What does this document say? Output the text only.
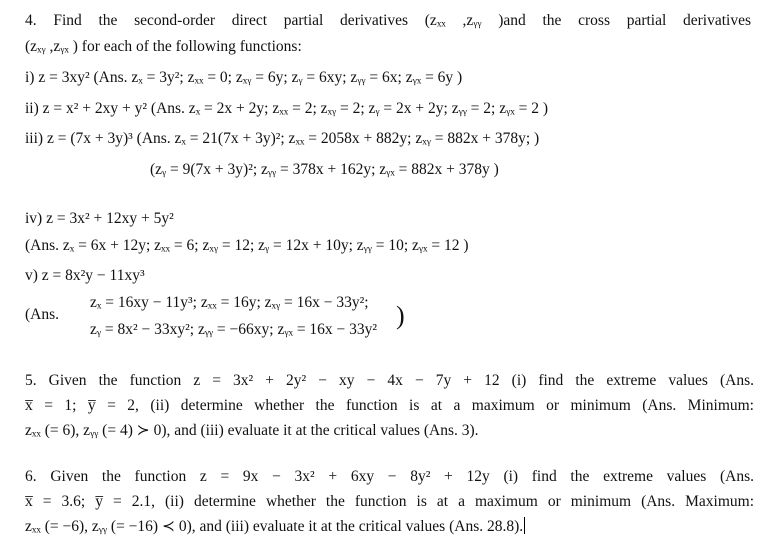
4. Find the second-order direct partial derivatives (zₓₓ ,zᵧᵧ )and the cross partial derivatives
(zₓᵧ ,zᵧₓ ) for each of the following functions:
i) z = 3xy² (Ans. zₓ = 3y²; zₓₓ = 0; zₓᵧ = 6y; zᵧ = 6xy; zᵧᵧ = 6x; zᵧₓ = 6y )
ii) z = x² + 2xy + y² (Ans. zₓ = 2x + 2y; zₓₓ = 2; zₓᵧ = 2; zᵧ = 2x + 2y; zᵧᵧ = 2; zᵧₓ = 2 )
iii) z = (7x + 3y)³ (Ans. zₓ = 21(7x + 3y)²; zₓₓ = 2058x + 882y; zₓᵧ = 882x + 378y; )
(zᵧ = 9(7x + 3y)²; zᵧᵧ = 378x + 162y; zᵧₓ = 882x + 378y )
iv) z = 3x² + 12xy + 5y²
(Ans. zₓ = 6x + 12y; zₓₓ = 6; zₓᵧ = 12; zᵧ = 12x + 10y; zᵧᵧ = 10; zᵧₓ = 12 )
v) z = 8x²y − 11xy³
(Ans.
zₓ = 16xy − 11y³; zₓₓ = 16y; zₓᵧ = 16x − 33y²;
zᵧ = 8x² − 33xy²; zᵧᵧ = −66xy; zᵧₓ = 16x − 33y² )
5. Given the function z = 3x² + 2y² − xy − 4x − 7y + 12 (i) find the extreme values (Ans.
x̅ = 1; y̅ = 2, (ii) determine whether the function is at a maximum or minimum (Ans. Minimum:
zₓₓ (= 6), zᵧᵧ (= 4) ≻ 0), and (iii) evaluate it at the critical values (Ans. 3).
6. Given the function z = 9x − 3x² + 6xy − 8y² + 12y (i) find the extreme values (Ans.
x̅ = 3.6; y̅ = 2.1, (ii) determine whether the function is at a maximum or minimum (Ans. Maximum:
zₓₓ (= −6), zᵧᵧ (= −16) ≺ 0), and (iii) evaluate it at the critical values (Ans. 28.8).
